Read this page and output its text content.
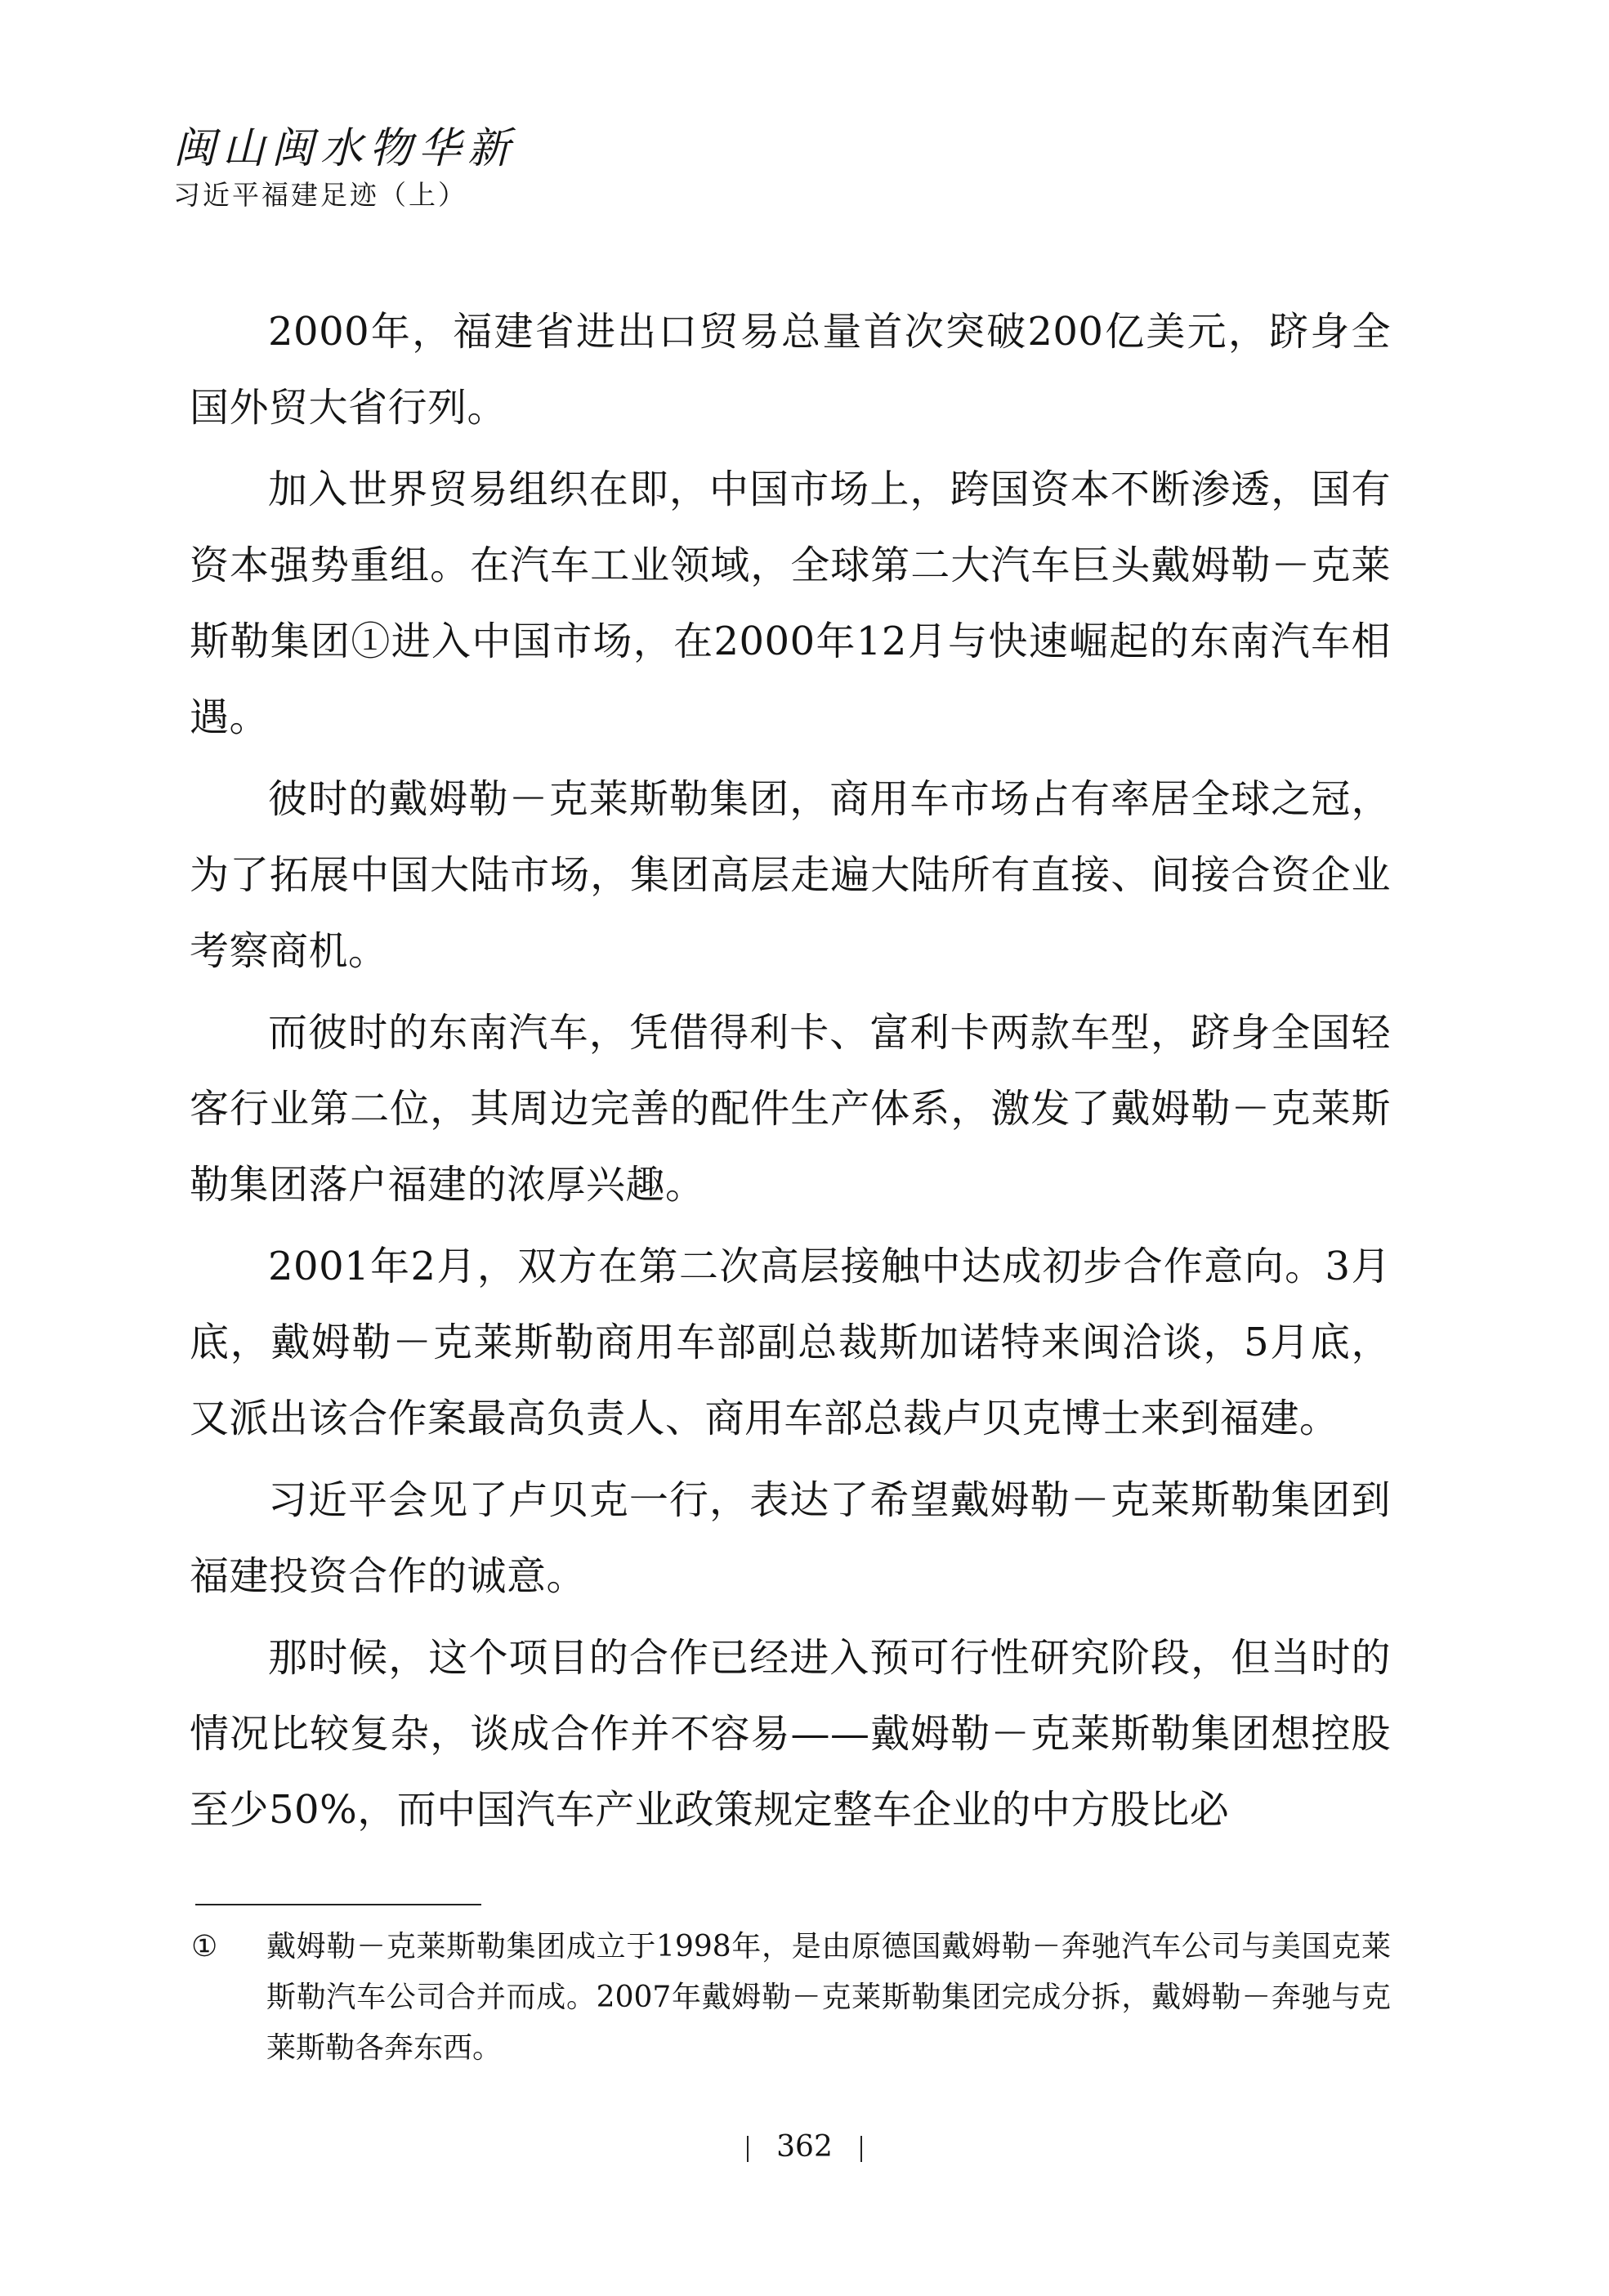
闽山闽水物华新
习近平福建足迹（上）

2000年，福建省进出口贸易总量首次突破200亿美元，跻身全国外贸大省行列。

加入世界贸易组织在即，中国市场上，跨国资本不断渗透，国有资本强势重组。在汽车工业领域，全球第二大汽车巨头戴姆勒－克莱斯勒集团①进入中国市场，在2000年12月与快速崛起的东南汽车相遇。

彼时的戴姆勒－克莱斯勒集团，商用车市场占有率居全球之冠，为了拓展中国大陆市场，集团高层走遍大陆所有直接、间接合资企业考察商机。

而彼时的东南汽车，凭借得利卡、富利卡两款车型，跻身全国轻客行业第二位，其周边完善的配件生产体系，激发了戴姆勒－克莱斯勒集团落户福建的浓厚兴趣。

2001年2月，双方在第二次高层接触中达成初步合作意向。3月底，戴姆勒－克莱斯勒商用车部副总裁斯加诺特来闽洽谈，5月底，又派出该合作案最高负责人、商用车部总裁卢贝克博士来到福建。

习近平会见了卢贝克一行，表达了希望戴姆勒－克莱斯勒集团到福建投资合作的诚意。

那时候，这个项目的合作已经进入预可行性研究阶段，但当时的情况比较复杂，谈成合作并不容易——戴姆勒－克莱斯勒集团想控股至少50%，而中国汽车产业政策规定整车企业的中方股比必

①	戴姆勒－克莱斯勒集团成立于1998年，是由原德国戴姆勒－奔驰汽车公司与美国克莱斯勒汽车公司合并而成。2007年戴姆勒－克莱斯勒集团完成分拆，戴姆勒－奔驰与克莱斯勒各奔东西。
362
